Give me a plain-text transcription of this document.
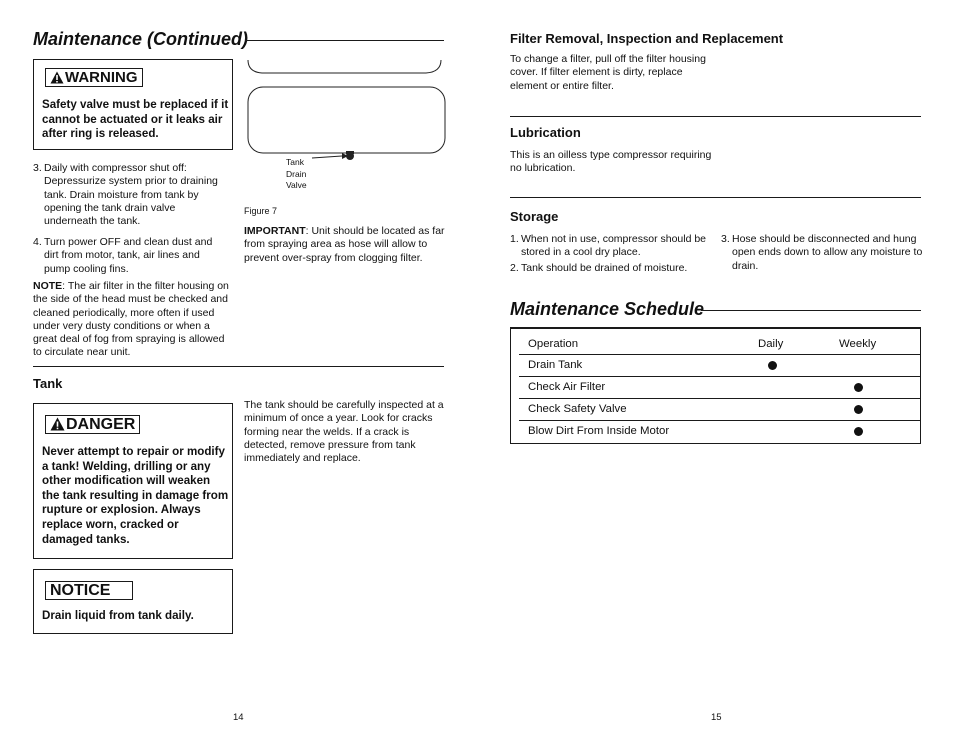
Maintenance (Continued)
WARNING
Safety valve must be replaced if it cannot be actuated or it leaks air after ring is released.
3. Daily with compressor shut off: Depressurize system prior to draining tank. Drain moisture from tank by opening the tank drain valve underneath the tank.
4. Turn power OFF and clean dust and dirt from motor, tank, air lines and pump cooling fins.
NOTE: The air filter in the filter housing on the side of the head must be checked and cleaned periodically, more often if used under very dusty conditions or when a great deal of fog from spraying is allowed to circulate near unit.
Tank
Drain
Valve
Figure 7
IMPORTANT: Unit should be located as far from spraying area as hose will allow to prevent over-spray from clogging filter.
Tank
DANGER
Never attempt to repair or modify a tank! Welding, drilling or any other modification will weaken the tank resulting in damage from rupture or explosion. Always replace worn, cracked or damaged tanks.
The tank should be carefully inspected at a minimum of once a year. Look for cracks forming near the welds. If a crack is detected, remove pressure from tank immediately and replace.
NOTICE
Drain liquid from tank daily.
14
Filter Removal, Inspection and Replacement
To change a filter, pull off the filter housing cover. If filter element is dirty, replace element or entire filter.
Lubrication
This is an oilless type compressor requiring no lubrication.
Storage
1. When not in use, compressor should be stored in a cool dry place.
2. Tank should be drained of moisture.
3. Hose should be disconnected and hung open ends down to allow any moisture to drain.
Maintenance Schedule
Operation	Daily	Weekly
Drain Tank
Check Air Filter
Check Safety Valve
Blow Dirt From Inside Motor
15
